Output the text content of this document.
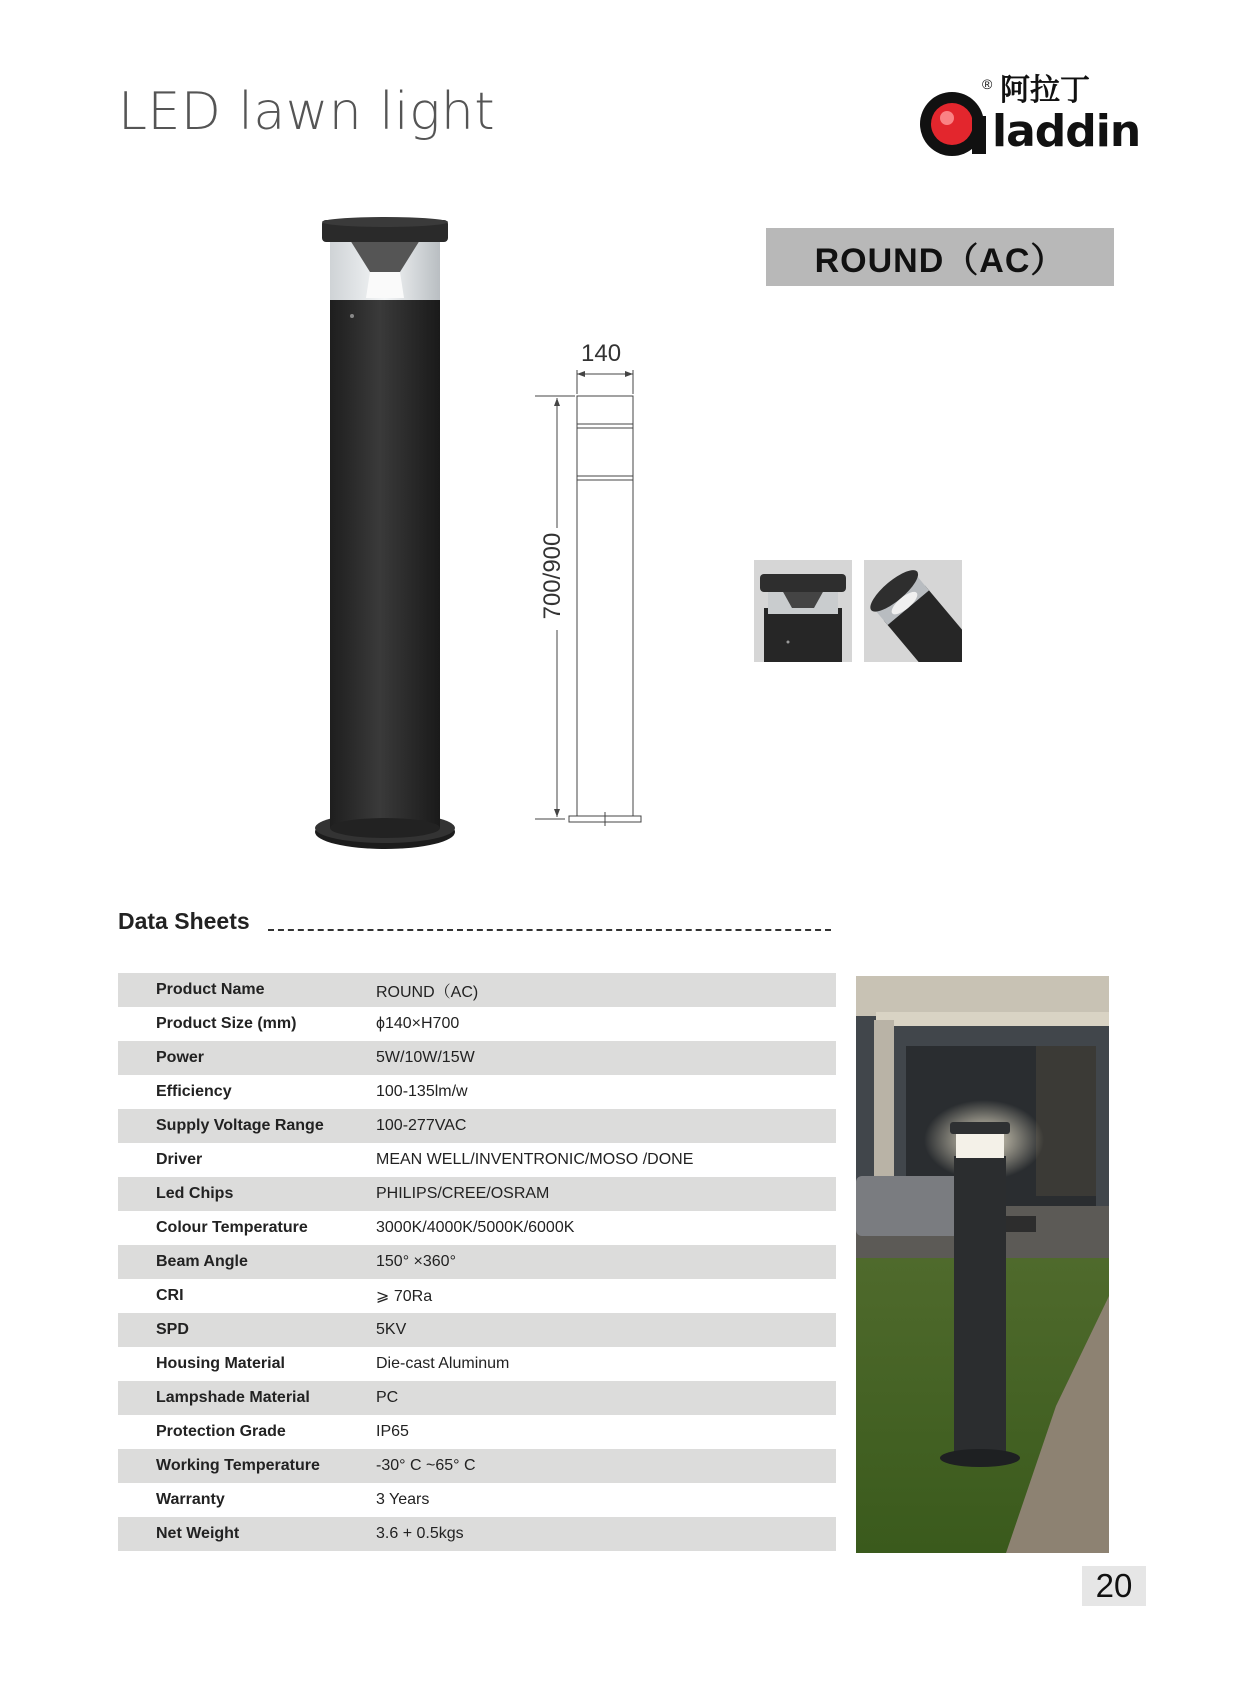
LED lawn light	® 阿拉丁
laddin
ROUND（AC）
140
700/900
Data Sheets
Product Name	ROUND（AC)
Product Size (mm)	ϕ140×H700
Power	5W/10W/15W
Efficiency	100-135lm/w
Supply Voltage Range	100-277VAC
Driver	MEAN WELL/INVENTRONIC/MOSO /DONE
Led Chips	PHILIPS/CREE/OSRAM
Colour Temperature	3000K/4000K/5000K/6000K
Beam Angle	150° ×360°
CRI	⩾ 70Ra
SPD	5KV
Housing Material	Die-cast Aluminum
Lampshade Material	PC
Protection Grade	IP65
Working Temperature	-30° C ~65° C
Warranty	3 Years
Net Weight	3.6 + 0.5kgs
20
